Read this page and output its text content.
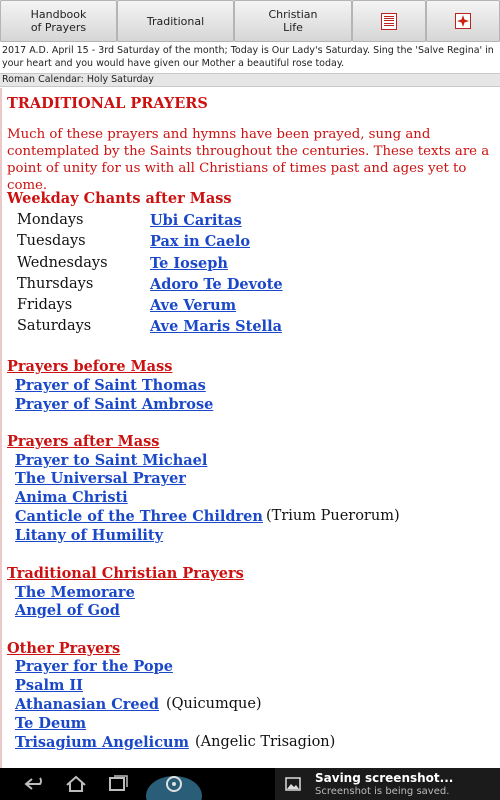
Handbook
of Prayers	Traditional	Christian
Life
2017 A.D. April 15 - 3rd Saturday of the month; Today is Our Lady's Saturday. Sing the 'Salve Regina' in your heart and you would have given our Mother a beautiful rose today.
Roman Calendar: Holy Saturday
TRADITIONAL PRAYERS
Much of these prayers and hymns have been prayed, sung and contemplated by the Saints throughout the centuries. These texts are a point of unity for us with all Christians of times past and ages yet to come.
Weekday Chants after Mass
Mondays	Ubi Caritas
Tuesdays	Pax in Caelo
Wednesdays	Te Ioseph
Thursdays	Adoro Te Devote
Fridays	Ave Verum
Saturdays	Ave Maris Stella
Prayers before Mass
Prayer of Saint Thomas
Prayer of Saint Ambrose
Prayers after Mass
Prayer to Saint Michael
The Universal Prayer
Anima Christi
Canticle of the Three Children (Trium Puerorum)
Litany of Humility
Traditional Christian Prayers
The Memorare
Angel of God
Other Prayers
Prayer for the Pope
Psalm II
Athanasian Creed (Quicumque)
Te Deum
Trisagium Angelicum (Angelic Trisagion)
Saving screenshot...
Screenshot is being saved.
